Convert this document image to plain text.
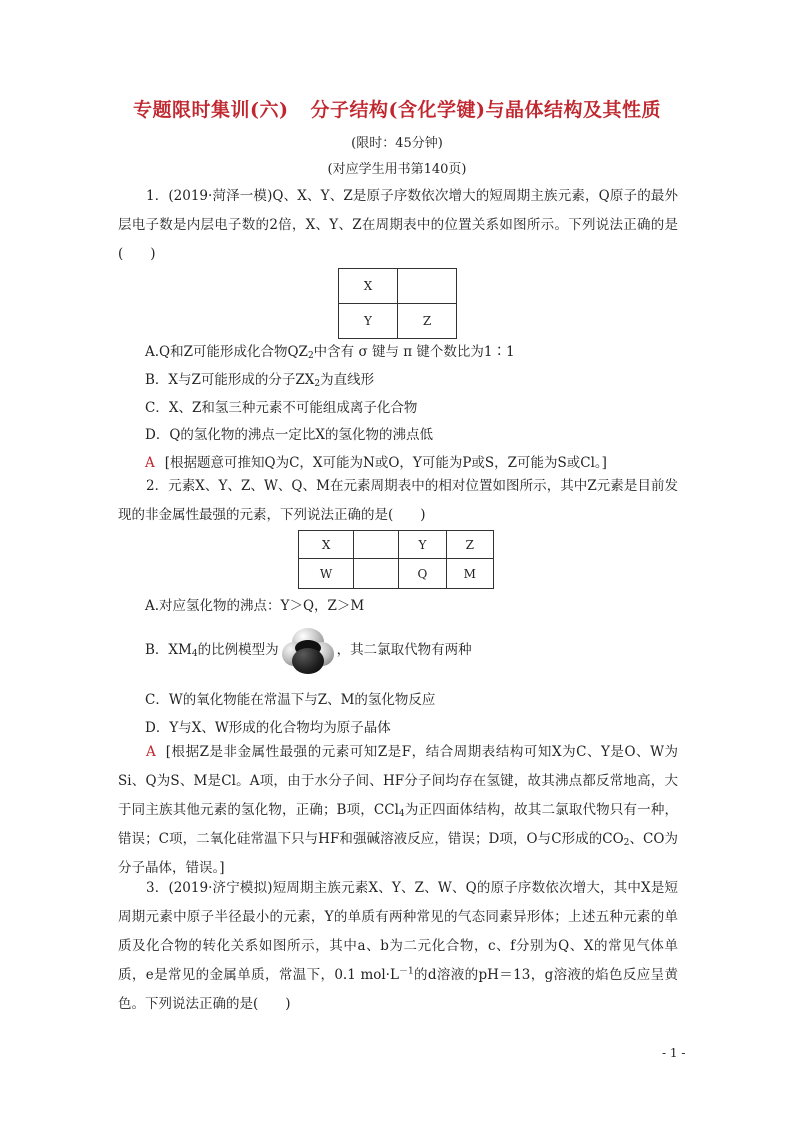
专题限时集训(六) 分子结构(含化学键)与晶体结构及其性质
(限时：45分钟)
(对应学生用书第140页)
1．(2019·菏泽一模)Q、X、Y、Z是原子序数依次增大的短周期主族元素，Q原子的最外层电子数是内层电子数的2倍，X、Y、Z在周期表中的位置关系如图所示。下列说法正确的是(　　)
X	
Y	Z
A.Q和Z可能形成化合物$QZ_2$中含有 σ 键与 π 键个数比为1∶1
B．X与Z可能形成的分子$ZX_2$为直线形
C．X、Z和氢三种元素不可能组成离子化合物
D．Q的氢化物的沸点一定比X的氢化物的沸点低
A [根据题意可推知Q为C，X可能为N或O，Y可能为P或S，Z可能为S或Cl。]
2．元素X、Y、Z、W、Q、M在元素周期表中的相对位置如图所示，其中Z元素是目前发现的非金属性最强的元素，下列说法正确的是(　　)
X		Y	Z
W		Q	M
A.对应氢化物的沸点：Y＞Q，Z＞M
B．$XM_4$的比例模型为	，其二氯取代物有两种
C．W的氧化物能在常温下与Z、M的氢化物反应
D．Y与X、W形成的化合物均为原子晶体
A [根据Z是非金属性最强的元素可知Z是F，结合周期表结构可知X为C、Y是O、W为Si、Q为S、M是Cl。A项，由于水分子间、HF分子间均存在氢键，故其沸点都反常地高，大于同主族其他元素的氢化物，正确；B项，CCl$_4$为正四面体结构，故其二氯取代物只有一种，错误；C项，二氧化硅常温下只与HF和强碱溶液反应，错误；D项，O与C形成的$CO_2$、CO为分子晶体，错误。]
3．(2019·济宁模拟)短周期主族元素X、Y、Z、W、Q的原子序数依次增大，其中X是短周期元素中原子半径最小的元素，Y的单质有两种常见的气态同素异形体；上述五种元素的单质及化合物的转化关系如图所示，其中a、b为二元化合物，c、f分别为Q、X的常见气体单质，e是常见的金属单质，常温下，0.1 $mol\cdot L^{-1}$的d溶液的pH＝13，g溶液的焰色反应呈黄色。下列说法正确的是(　　)
- 1 -
